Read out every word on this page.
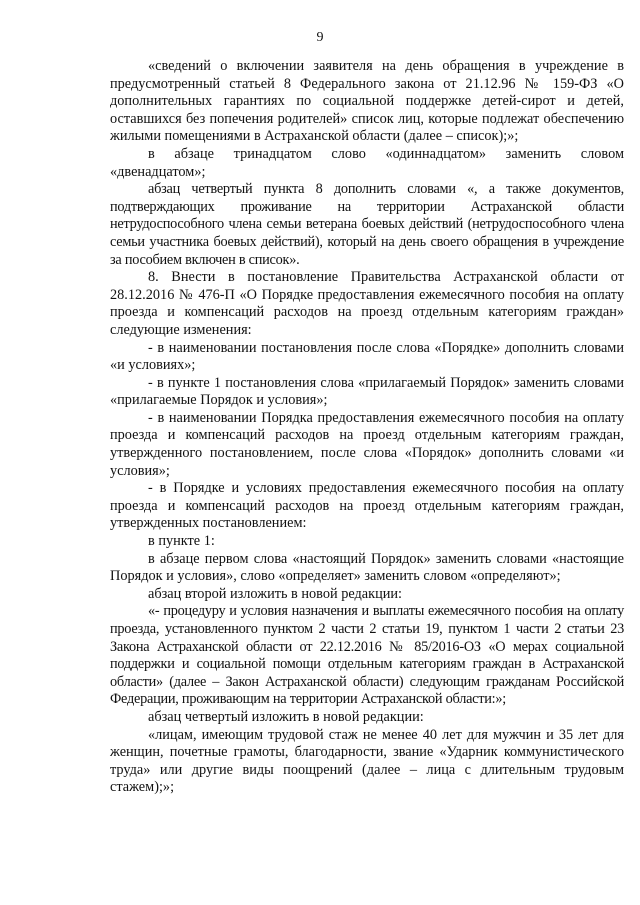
9

«сведений о включении заявителя на день обращения в учреждение в предусмотренный статьей 8 Федерального закона от 21.12.96 № 159-ФЗ «О дополнительных гарантиях по социальной поддержке детей-сирот и детей, оставшихся без попечения родителей» список лиц, которые подлежат обеспечению жилыми помещениями в Астраханской области (далее – список);»;

в абзаце тринадцатом слово «одиннадцатом» заменить словом «двенадцатом»;

абзац четвертый пункта 8 дополнить словами «, а также документов, подтверждающих проживание на территории Астраханской области нетрудоспособного члена семьи ветерана боевых действий (нетрудоспособного члена семьи участника боевых действий), который на день своего обращения в учреждение за пособием включен в список».

8. Внести в постановление Правительства Астраханской области от 28.12.2016 № 476-П «О Порядке предоставления ежемесячного пособия на оплату проезда и компенсаций расходов на проезд отдельным категориям граждан» следующие изменения:

- в наименовании постановления после слова «Порядке» дополнить словами «и условиях»;

- в пункте 1 постановления слова «прилагаемый Порядок» заменить словами «прилагаемые Порядок и условия»;

- в наименовании Порядка предоставления ежемесячного пособия на оплату проезда и компенсаций расходов на проезд отдельным категориям граждан, утвержденного постановлением, после слова «Порядок» дополнить словами «и условия»;

- в Порядке и условиях предоставления ежемесячного пособия на оплату проезда и компенсаций расходов на проезд отдельным категориям граждан, утвержденных постановлением:

в пункте 1:

в абзаце первом слова «настоящий Порядок» заменить словами «настоящие Порядок и условия», слово «определяет» заменить словом «определяют»;

абзац второй изложить в новой редакции:

«- процедуру и условия назначения и выплаты ежемесячного пособия на оплату проезда, установленного пунктом 2 части 2 статьи 19, пунктом 1 части 2 статьи 23 Закона Астраханской области от 22.12.2016 № 85/2016-ОЗ «О мерах социальной поддержки и социальной помощи отдельным категориям граждан в Астраханской области» (далее – Закон Астраханской области) следующим гражданам Российской Федерации, проживающим на территории Астраханской области:»;

абзац четвертый изложить в новой редакции:

«лицам, имеющим трудовой стаж не менее 40 лет для мужчин и 35 лет для женщин, почетные грамоты, благодарности, звание «Ударник коммунистического труда» или другие виды поощрений (далее – лица с длительным трудовым стажем);»;
